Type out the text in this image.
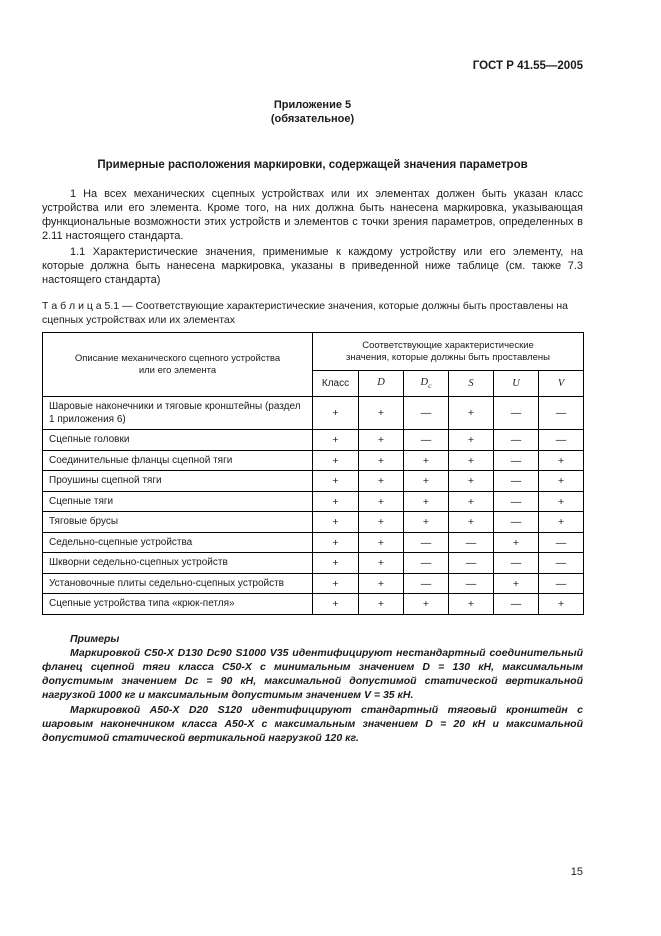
ГОСТ Р 41.55—2005
Приложение 5
(обязательное)
Примерные расположения маркировки, содержащей значения параметров
1 На всех механических сцепных устройствах или их элементах должен быть указан класс устройства или его элемента. Кроме того, на них должна быть нанесена маркировка, указывающая функциональные возможности этих устройств и элементов с точки зрения параметров, определенных в 2.11 настоящего стандарта.
1.1 Характеристические значения, применимые к каждому устройству или его элементу, на которые должна быть нанесена маркировка, указаны в приведенной ниже таблице (см. также 7.3 настоящего стандарта)
Т а б л и ц а 5.1 — Соответствующие характеристические значения, которые должны быть проставлены на сцепных устройствах или их элементах
Описание механического сцепного устройства или его элемента	Соответствующие характеристические значения, которые должны быть проставлены					
	Класс	D	$D_c$	S	U	V
Шаровые наконечники и тяговые кронштейны (раздел 1 приложения 6)	+	+	—	+	—	—
Сцепные головки	+	+	—	+	—	—
Соединительные фланцы сцепной тяги	+	+	+	+	—	+
Проушины сцепной тяги	+	+	+	+	—	+
Сцепные тяги	+	+	+	+	—	+
Тяговые брусы	+	+	+	+	—	+
Седельно-сцепные устройства	+	+	—	—	+	—
Шкворни седельно-сцепных устройств	+	+	—	—	—	—
Установочные плиты седельно-сцепных устройств	+	+	—	—	+	—
Сцепные устройства типа «крюк-петля»	+	+	+	+	—	+
Примеры
Маркировкой С50-Х D130 Dc90 S1000 V35 идентифицируют нестандартный соединительный фланец сцепной тяги класса С50-Х с минимальным значением D = 130 кН, максимальным допустимым значением Dc = 90 кН, максимальной допустимой статической вертикальной нагрузкой 1000 кг и максимальным допустимым значением V = 35 кН.
Маркировкой А50-Х D20 S120 идентифицируют стандартный тяговый кронштейн с шаровым наконечником класса А50-Х с максимальным значением D = 20 кН и максимальной допустимой статической вертикальной нагрузкой 120 кг.
15
